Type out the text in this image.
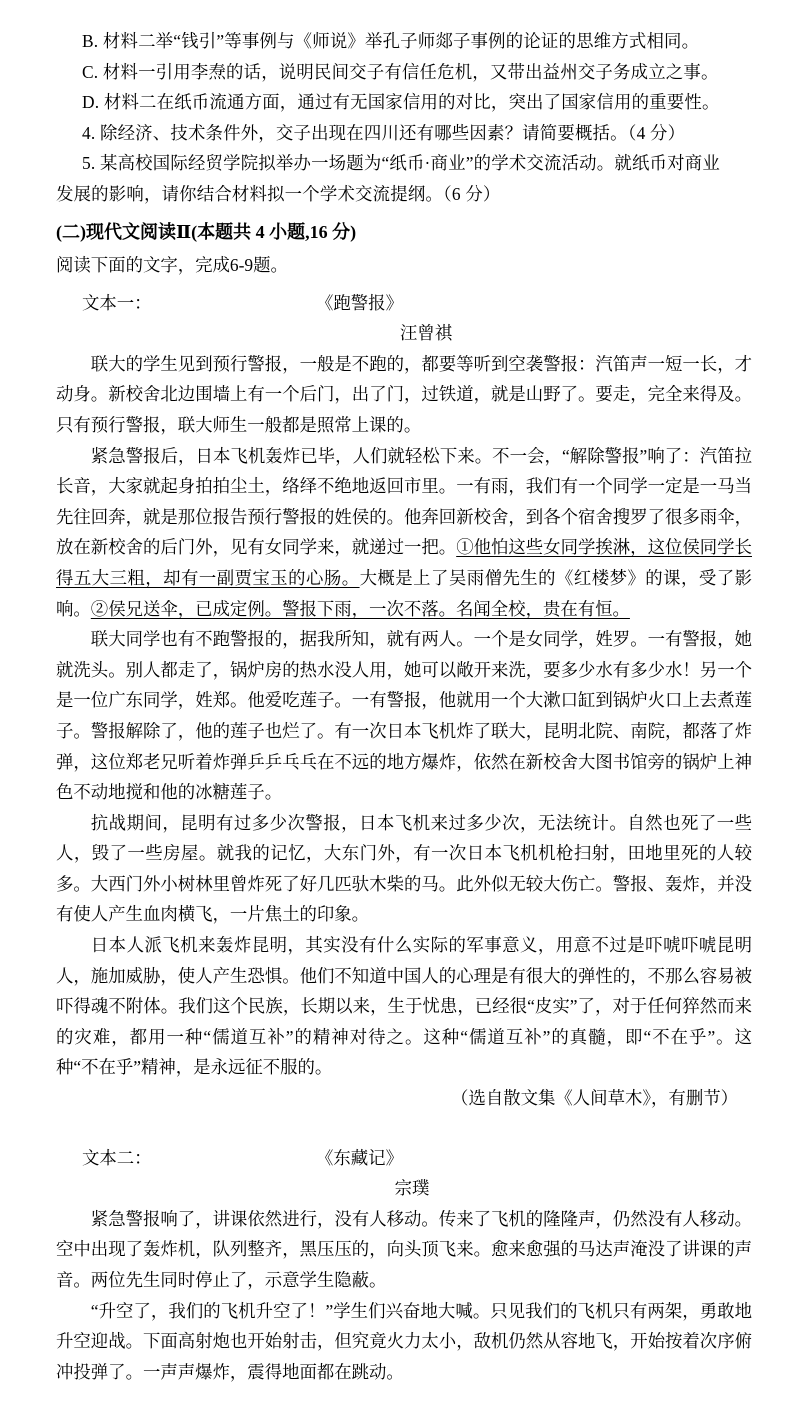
B. 材料二举“钱引”等事例与《师说》举孔子师郯子事例的论证的思维方式相同。
C. 材料一引用李焘的话，说明民间交子有信任危机，又带出益州交子务成立之事。
D. 材料二在纸币流通方面，通过有无国家信用的对比，突出了国家信用的重要性。
4. 除经济、技术条件外，交子出现在四川还有哪些因素？请简要概括。（4 分）
5. 某高校国际经贸学院拟举办一场题为“纸币·商业”的学术交流活动。就纸币对商业
发展的影响，请你结合材料拟一个学术交流提纲。（6 分）
(二)现代文阅读Ⅱ(本题共 4 小题,16 分)
阅读下面的文字，完成6-9题。
文本一：	《跑警报》
汪曾祺

联大的学生见到预行警报，一般是不跑的，都要等听到空袭警报：汽笛声一短一长，才动身。新校舍北边围墙上有一个后门，出了门，过铁道，就是山野了。要走，完全来得及。只有预行警报，联大师生一般都是照常上课的。

紧急警报后，日本飞机轰炸已毕，人们就轻松下来。不一会，“解除警报”响了：汽笛拉长音，大家就起身拍拍尘土，络绎不绝地返回市里。一有雨，我们有一个同学一定是一马当先往回奔，就是那位报告预行警报的姓侯的。他奔回新校舍，到各个宿舍搜罗了很多雨伞，放在新校舍的后门外，见有女同学来，就递过一把。①他怕这些女同学挨淋，这位侯同学长得五大三粗，却有一副贾宝玉的心肠。大概是上了吴雨僧先生的《红楼梦》的课，受了影响。②侯兄送伞，已成定例。警报下雨，一次不落。名闻全校，贵在有恒。

联大同学也有不跑警报的，据我所知，就有两人。一个是女同学，姓罗。一有警报，她就洗头。别人都走了，锅炉房的热水没人用，她可以敞开来洗，要多少水有多少水！另一个是一位广东同学，姓郑。他爱吃莲子。一有警报，他就用一个大漱口缸到锅炉火口上去煮莲子。警报解除了，他的莲子也烂了。有一次日本飞机炸了联大，昆明北院、南院，都落了炸弹，这位郑老兄听着炸弹乒乒乓乓在不远的地方爆炸，依然在新校舍大图书馆旁的锅炉上神色不动地搅和他的冰糖莲子。

抗战期间，昆明有过多少次警报，日本飞机来过多少次，无法统计。自然也死了一些人，毁了一些房屋。就我的记忆，大东门外，有一次日本飞机机枪扫射，田地里死的人较多。大西门外小树林里曾炸死了好几匹驮木柴的马。此外似无较大伤亡。警报、轰炸，并没有使人产生血肉横飞，一片焦土的印象。

日本人派飞机来轰炸昆明，其实没有什么实际的军事意义，用意不过是吓唬吓唬昆明人，施加威胁，使人产生恐惧。他们不知道中国人的心理是有很大的弹性的，不那么容易被吓得魂不附体。我们这个民族，长期以来，生于忧患，已经很“皮实”了，对于任何猝然而来的灾难，都用一种“儒道互补”的精神对待之。这种“儒道互补”的真髓，即“不在乎”。这种“不在乎”精神，是永远征不服的。

（选自散文集《人间草木》，有删节）

文本二：	《东藏记》
宗璞

紧急警报响了，讲课依然进行，没有人移动。传来了飞机的隆隆声，仍然没有人移动。空中出现了轰炸机，队列整齐，黑压压的，向头顶飞来。愈来愈强的马达声淹没了讲课的声音。两位先生同时停止了，示意学生隐蔽。

“升空了，我们的飞机升空了！”学生们兴奋地大喊。只见我们的飞机只有两架，勇敢地升空迎战。下面高射炮也开始射击，但究竟火力太小，敌机仍然从容地飞，开始按着次序俯冲投弹了。一声声爆炸，震得地面都在跳动。
